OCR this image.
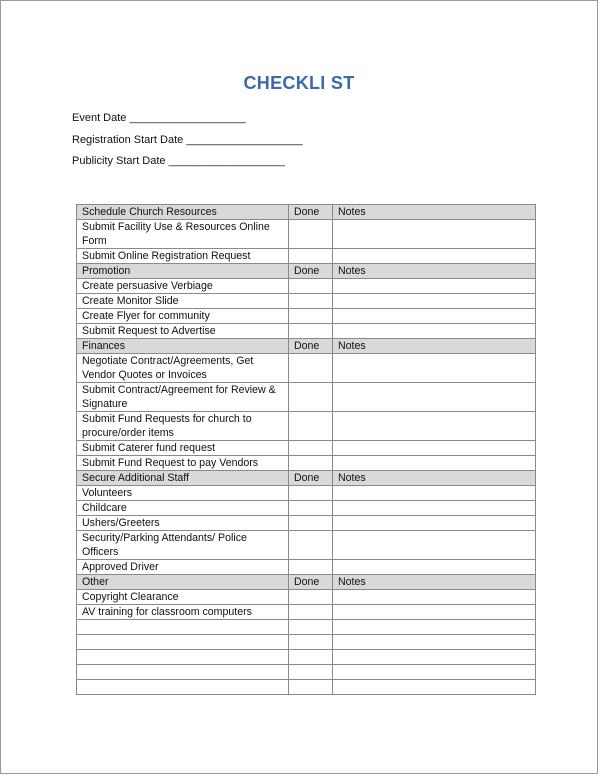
CHECKLI ST
Event Date ___________________
Registration Start Date ___________________
Publicity Start Date ___________________
Schedule Church Resources	Done	Notes
Submit Facility Use & Resources Online Form		
Submit Online Registration Request		
Promotion	Done	Notes
Create persuasive Verbiage		
Create Monitor Slide		
Create Flyer for community		
Submit Request to Advertise		
Finances	Done	Notes
Negotiate Contract/Agreements, Get Vendor Quotes or Invoices		
Submit Contract/Agreement for Review & Signature		
Submit Fund Requests for church to procure/order items		
Submit Caterer fund request		
Submit Fund Request to pay Vendors		
Secure Additional Staff	Done	Notes
Volunteers		
Childcare		
Ushers/Greeters		
Security/Parking Attendants/ Police Officers		
Approved Driver		
Other	Done	Notes
Copyright Clearance		
AV training for classroom computers		
